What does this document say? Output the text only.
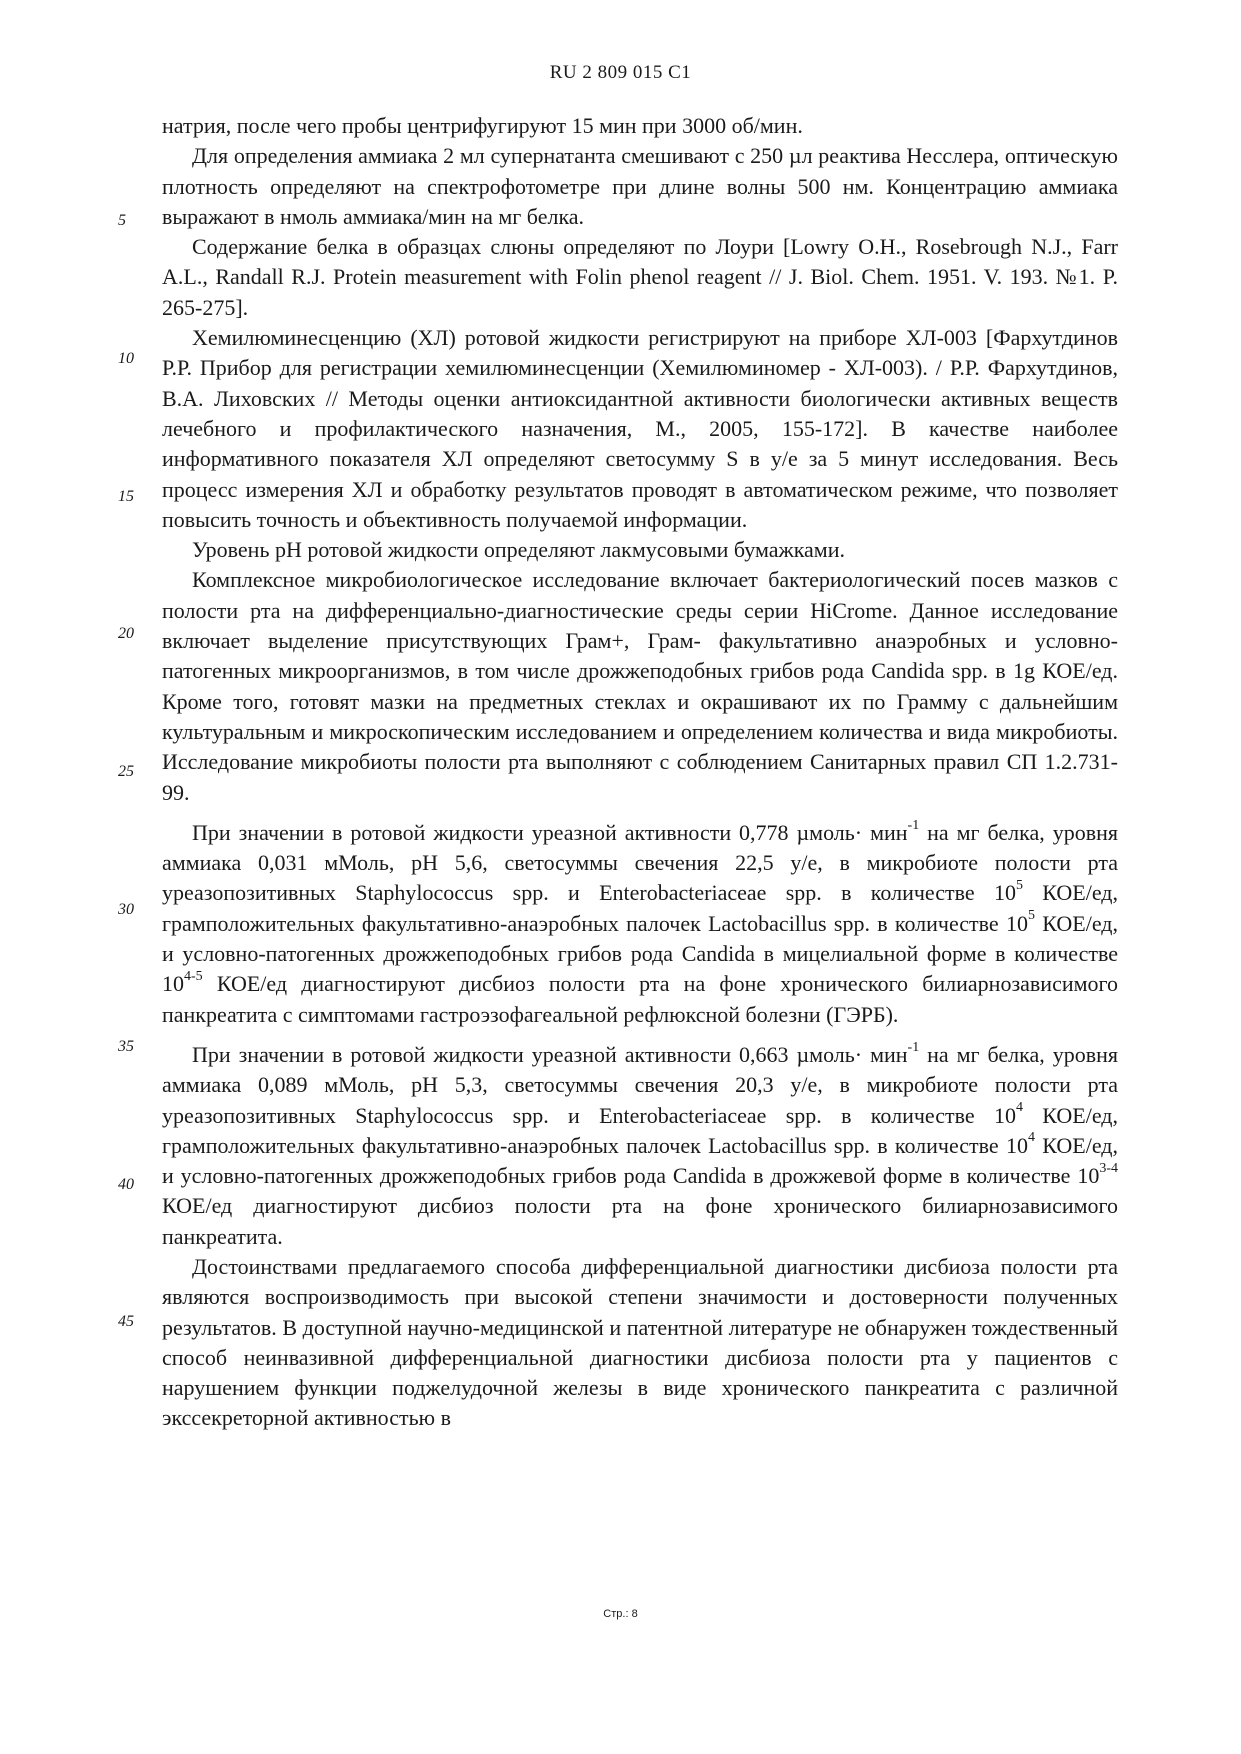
RU 2 809 015 C1
5
10
15
20
25
30
35
40
45

натрия, после чего пробы центрифугируют 15 мин при 3000 об/мин.

Для определения аммиака 2 мл супернатанта смешивают с 250 µл реактива Несслера, оптическую плотность определяют на спектрофотометре при длине волны 500 нм. Концентрацию аммиака выражают в нмоль аммиака/мин на мг белка.

Содержание белка в образцах слюны определяют по Лоури [Lowry O.H., Rosebrough N.J., Farr A.L., Randall R.J. Protein measurement with Folin phenol reagent // J. Biol. Chem. 1951. V. 193. №1. P. 265-275].

Хемилюминесценцию (ХЛ) ротовой жидкости регистрируют на приборе ХЛ-003 [Фархутдинов Р.Р. Прибор для регистрации хемилюминесценции (Хемилюминомер - ХЛ-003). / Р.Р. Фархутдинов, В.А. Лиховских // Методы оценки антиоксидантной активности биологически активных веществ лечебного и профилактического назначения, М., 2005, 155-172]. В качестве наиболее информативного показателя ХЛ определяют светосумму S в у/е за 5 минут исследования. Весь процесс измерения ХЛ и обработку результатов проводят в автоматическом режиме, что позволяет повысить точность и объективность получаемой информации.

Уровень pH ротовой жидкости определяют лакмусовыми бумажками.

Комплексное микробиологическое исследование включает бактериологический посев мазков с полости рта на дифференциально-диагностические среды серии HiCrome. Данное исследование включает выделение присутствующих Грам+, Грам- факультативно анаэробных и условно-патогенных микроорганизмов, в том числе дрожжеподобных грибов рода Candida spp. в 1g КОЕ/ед. Кроме того, готовят мазки на предметных стеклах и окрашивают их по Грамму с дальнейшим культуральным и микроскопическим исследованием и определением количества и вида микробиоты. Исследование микробиоты полости рта выполняют с соблюдением Санитарных правил СП 1.2.731-99.

При значении в ротовой жидкости уреазной активности 0,778 µмоль· мин$^{-1}$ на мг белка, уровня аммиака 0,031 мМоль, pH 5,6, светосуммы свечения 22,5 у/е, в микробиоте полости рта уреазопозитивных Staphylococcus spp. и Enterobacteriaceae spp. в количестве $10^5$ КОЕ/ед, грамположительных факультативно-анаэробных палочек Lactobacillus spp. в количестве $10^5$ КОЕ/ед, и условно-патогенных дрожжеподобных грибов рода Candida в мицелиальной форме в количестве 10$^{4-5}$ КОЕ/ед диагностируют дисбиоз полости рта на фоне хронического билиарнозависимого панкреатита с симптомами гастроэзофагеальной рефлюксной болезни (ГЭРБ).

При значении в ротовой жидкости уреазной активности 0,663 µмоль· мин$^{-1}$ на мг белка, уровня аммиака 0,089 мМоль, pH 5,3, светосуммы свечения 20,3 у/е, в микробиоте полости рта уреазопозитивных Staphylococcus spp. и Enterobacteriaceae spp. в количестве $10^4$ КОЕ/ед, грамположительных факультативно-анаэробных палочек Lactobacillus spp. в количестве $10^4$ КОЕ/ед, и условно-патогенных дрожжеподобных грибов рода Candida в дрожжевой форме в количестве 10$^{3-4}$ КОЕ/ед диагностируют дисбиоз полости рта на фоне хронического билиарнозависимого панкреатита.

Достоинствами предлагаемого способа дифференциальной диагностики дисбиоза полости рта являются воспроизводимость при высокой степени значимости и достоверности полученных результатов. В доступной научно-медицинской и патентной литературе не обнаружен тождественный способ неинвазивной дифференциальной диагностики дисбиоза полости рта у пациентов с нарушением функции поджелудочной железы в виде хронического панкреатита с различной экссекреторной активностью в

Стр.: 8
